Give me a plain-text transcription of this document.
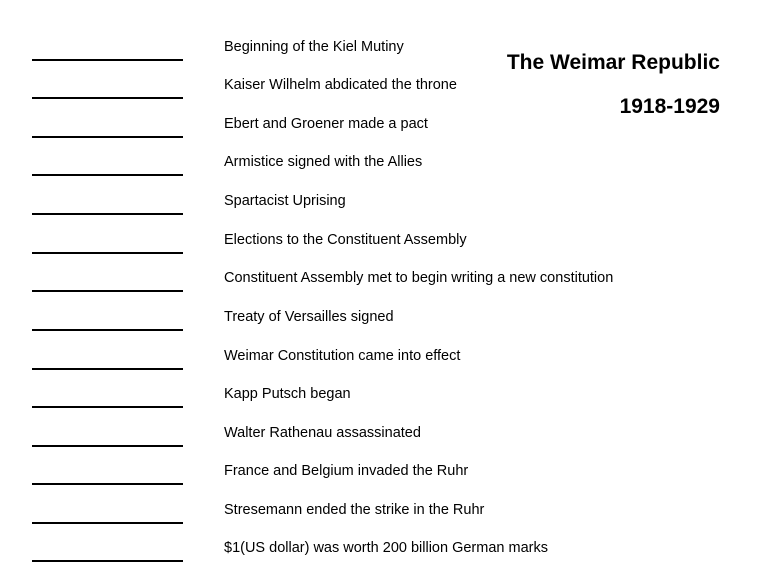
The Weimar Republic
1918-1929
Beginning of the Kiel Mutiny
Kaiser Wilhelm abdicated the throne
Ebert and Groener made a pact
Armistice signed with the Allies
Spartacist Uprising
Elections to the Constituent Assembly
Constituent Assembly met to begin writing a new constitution
Treaty of Versailles signed
Weimar Constitution came into effect
Kapp Putsch began
Walter Rathenau assassinated
France and Belgium invaded the Ruhr
Stresemann ended the strike in the Ruhr
$1(US dollar) was worth 200 billion German marks
